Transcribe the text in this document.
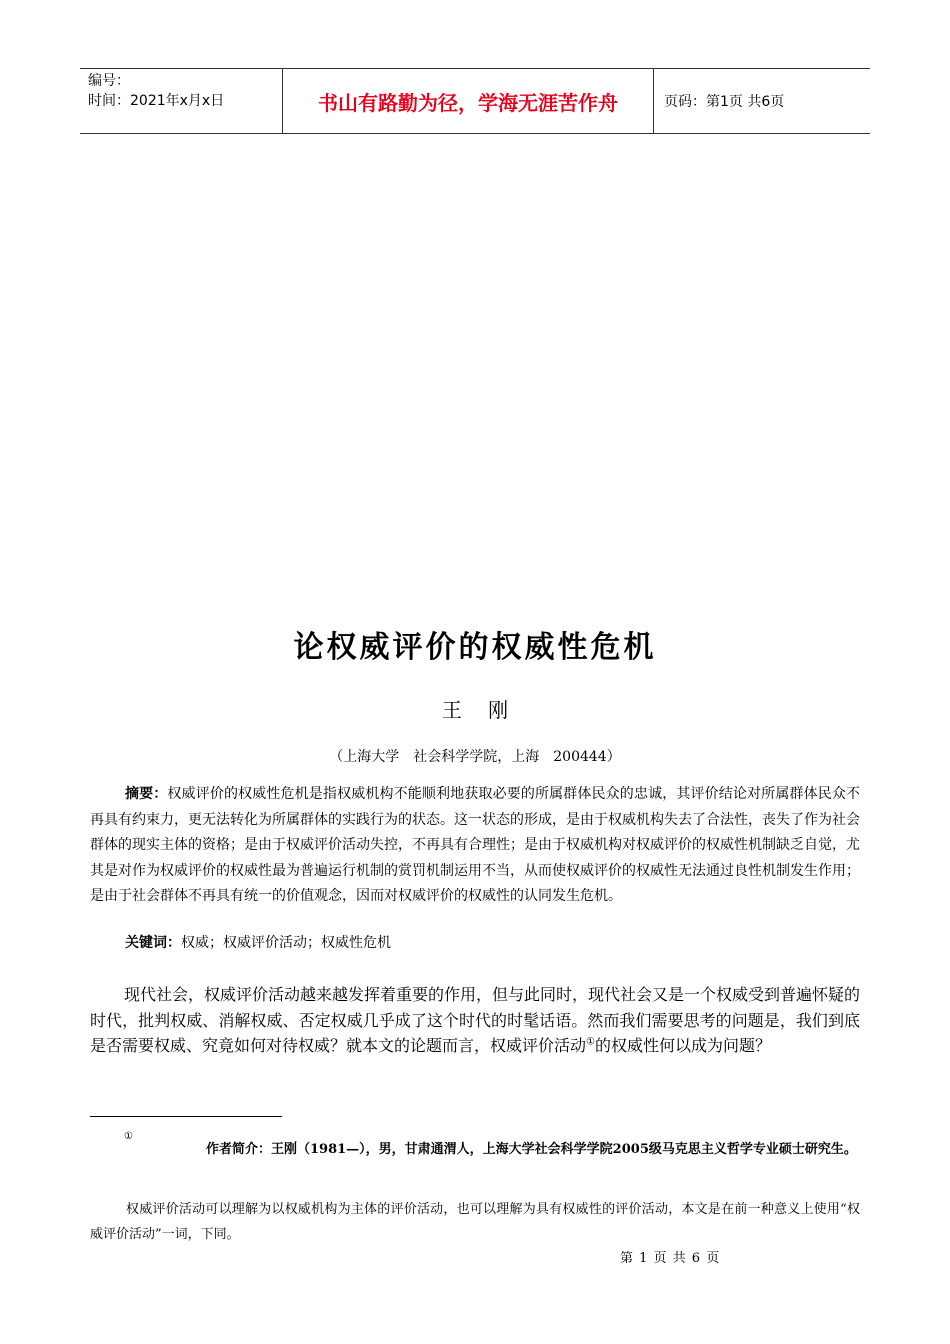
编号：
时间：2021年x月x日	书山有路勤为径，学海无涯苦作舟	页码：第1页 共6页
论权威评价的权威性危机
王　 刚
（上海大学　社会科学学院，上海　200444）
摘要：权威评价的权威性危机是指权威机构不能顺利地获取必要的所属群体民众的忠诚，其评价结论对所属群体民众不再具有约束力，更无法转化为所属群体的实践行为的状态。这一状态的形成，是由于权威机构失去了合法性，丧失了作为社会群体的现实主体的资格；是由于权威评价活动失控，不再具有合理性；是由于权威机构对权威评价的权威性机制缺乏自觉，尤其是对作为权威评价的权威性最为普遍运行机制的赏罚机制运用不当，从而使权威评价的权威性无法通过良性机制发生作用；是由于社会群体不再具有统一的价值观念，因而对权威评价的权威性的认同发生危机。
关键词：权威；权威评价活动；权威性危机
现代社会，权威评价活动越来越发挥着重要的作用，但与此同时，现代社会又是一个权威受到普遍怀疑的时代，批判权威、消解权威、否定权威几乎成了这个时代的时髦话语。然而我们需要思考的问题是，我们到底是否需要权威、究竟如何对待权威？就本文的论题而言，权威评价活动①的权威性何以成为问题？
①
作者简介：王刚（1981—），男，甘肃通渭人，上海大学社会科学学院2005级马克思主义哲学专业硕士研究生。
权威评价活动可以理解为以权威机构为主体的评价活动，也可以理解为具有权威性的评价活动，本文是在前一种意义上使用“权威评价活动”一词，下同。
第 1 页 共 6 页
